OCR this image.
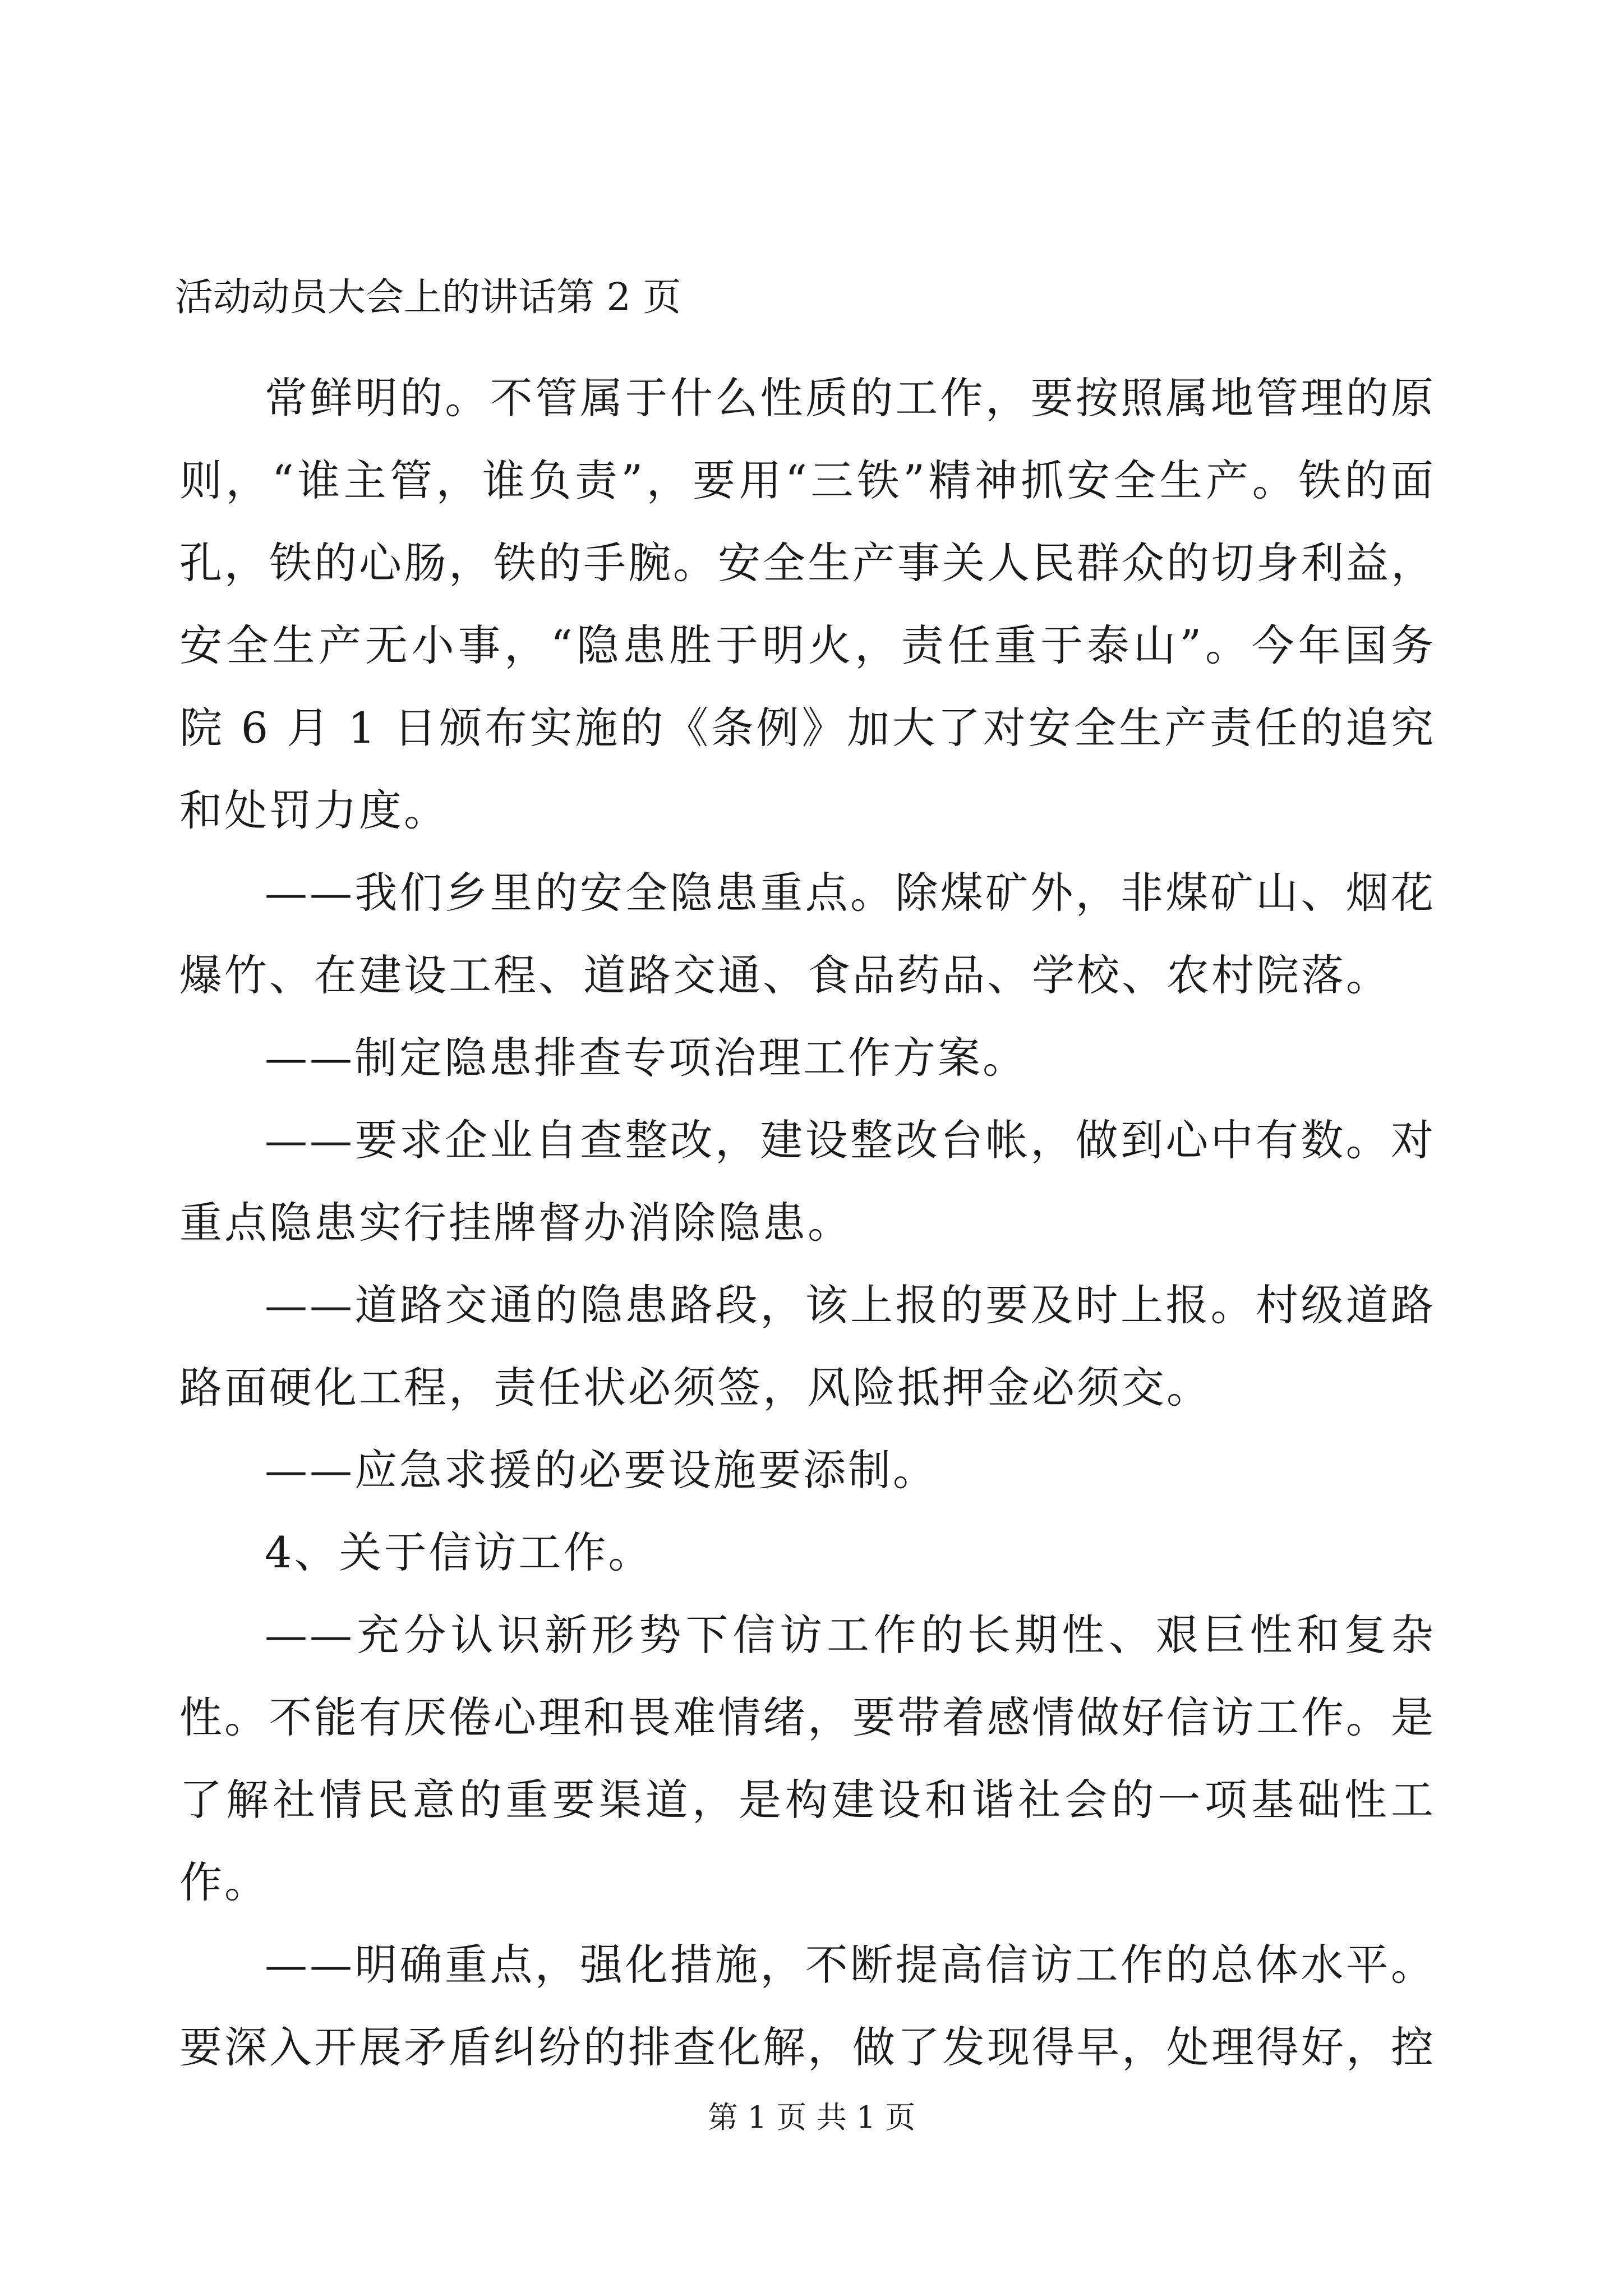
活动动员大会上的讲话第 2 页

常鲜明的。不管属于什么性质的工作，要按照属地管理的原则，“谁主管，谁负责”，要用“三铁”精神抓安全生产。铁的面孔，铁的心肠，铁的手腕。安全生产事关人民群众的切身利益，安全生产无小事，“隐患胜于明火，责任重于泰山”。今年国务院 6 月 1 日颁布实施的《条例》加大了对安全生产责任的追究和处罚力度。

——我们乡里的安全隐患重点。除煤矿外，非煤矿山、烟花爆竹、在建设工程、道路交通、食品药品、学校、农村院落。

——制定隐患排查专项治理工作方案。

——要求企业自查整改，建设整改台帐，做到心中有数。对重点隐患实行挂牌督办消除隐患。

——道路交通的隐患路段，该上报的要及时上报。村级道路路面硬化工程，责任状必须签，风险抵押金必须交。

——应急求援的必要设施要添制。

4、关于信访工作。

——充分认识新形势下信访工作的长期性、艰巨性和复杂性。不能有厌倦心理和畏难情绪，要带着感情做好信访工作。是了解社情民意的重要渠道，是构建设和谐社会的一项基础性工作。

——明确重点，强化措施，不断提高信访工作的总体水平。要深入开展矛盾纠纷的排查化解，做了发现得早，处理得好，控

第 1 页 共 1 页
